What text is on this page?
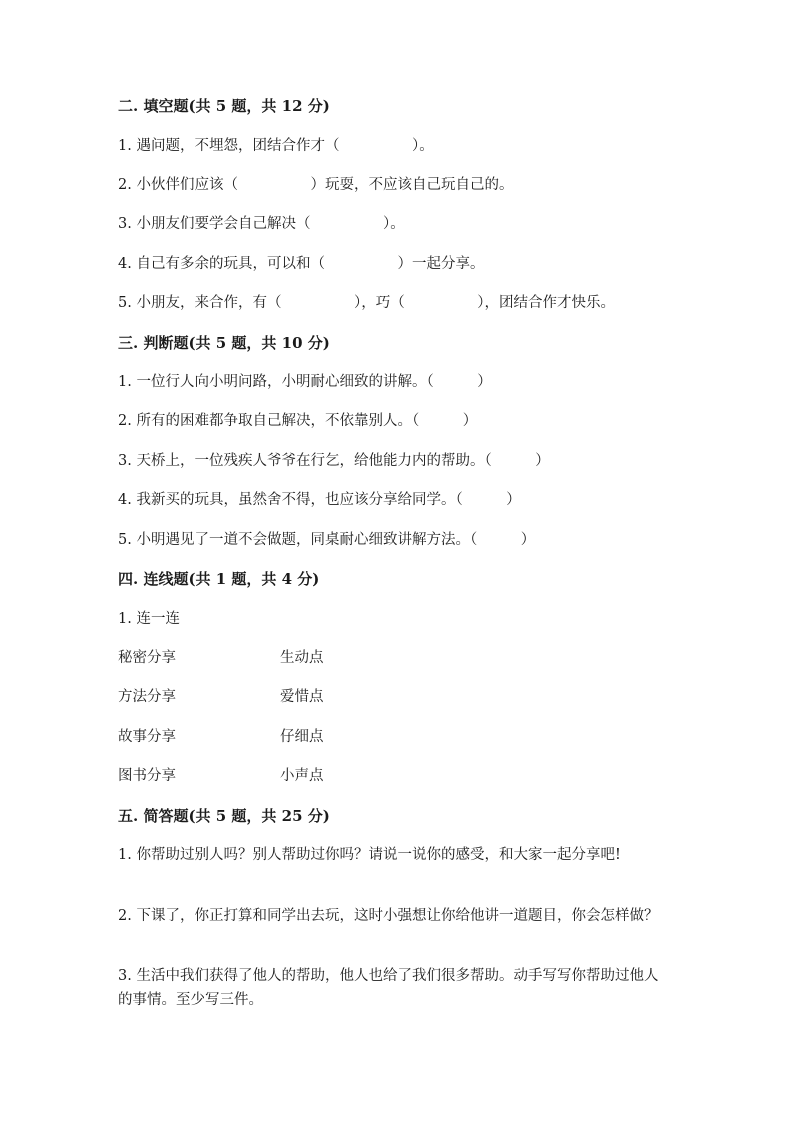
二. 填空题(共 5 题，共 12 分)
1. 遇问题，不埋怨，团结合作才（　　　　　）。
2. 小伙伴们应该（　　　　　）玩耍，不应该自己玩自己的。
3. 小朋友们要学会自己解决（　　　　　）。
4. 自己有多余的玩具，可以和（　　　　　）一起分享。
5. 小朋友，来合作，有（　　　　　），巧（　　　　　），团结合作才快乐。
三. 判断题(共 5 题，共 10 分)
1. 一位行人向小明问路，小明耐心细致的讲解。（　　　）
2. 所有的困难都争取自己解决，不依靠别人。（　　　）
3. 天桥上，一位残疾人爷爷在行乞，给他能力内的帮助。（　　　）
4. 我新买的玩具，虽然舍不得，也应该分享给同学。（　　　）
5. 小明遇见了一道不会做题，同桌耐心细致讲解方法。（　　　）
四. 连线题(共 1 题，共 4 分)
1. 连一连
秘密分享	生动点
方法分享	爱惜点
故事分享	仔细点
图书分享	小声点
五. 简答题(共 5 题，共 25 分)
1. 你帮助过别人吗？别人帮助过你吗？请说一说你的感受，和大家一起分享吧!
2. 下课了，你正打算和同学出去玩，这时小强想让你给他讲一道题目，你会怎样做？
3. 生活中我们获得了他人的帮助，他人也给了我们很多帮助。动手写写你帮助过他人的事情。至少写三件。
